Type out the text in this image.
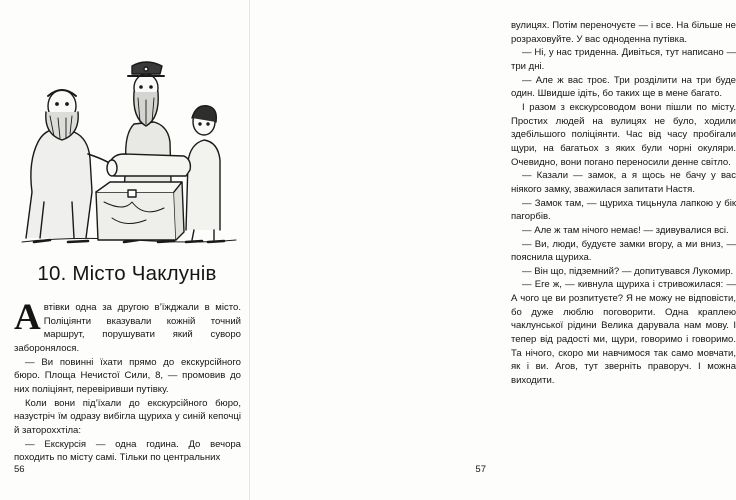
10. Місто Чаклунів

Автівки одна за другою в’їжджали в місто. Поліціянти вказували кожній точний маршрут, порушувати який суворо заборонялося.

— Ви повинні їхати прямо до екскурсійного бюро. Площа Нечистої Сили, 8, — промовив до них поліціянт, перевіривши путівку.

Коли вони під’їхали до екскурсійного бюро, назустріч їм одразу вибігла щуриха у синій кепочці й затороххтіла:

— Екскурсія — одна година. До вечора походить по місту самі. Тільки по центральних

56

вулицях. Потім переночуєте — і все. На більше не розраховуйте. У вас одноденна путівка.

— Ні, у нас триденна. Дивіться, тут написано — три дні.

— Але ж вас троє. Три розділити на три буде один. Швидше ідіть, бо таких ще в мене багато.

І разом з екскурсоводом вони пішли по місту. Простих людей на вулицях не було, ходили здебільшого поліціянти. Час від часу пробігали щури, на багатьох з яких були чорні окуляри. Очевидно, вони погано переносили денне світло.

— Казали — замок, а я щось не бачу у вас ніякого замку, зважилася запитати Настя.

— Замок там, — щуриха тицьнула лапкою у бік пагорбів.

— Але ж там нічого немає! — здивувалися всі.

— Ви, люди, будуєте замки вгору, а ми вниз, — пояснила щуриха.

— Він що, підземний? — допитувався Лукомир.

— Еге ж, — кивнула щуриха і стривожилася: — А чого це ви розпитуєте? Я не можу не відповісти, бо дуже люблю поговорити. Одна краплею чаклунської рідини Велика дарувала нам мову. І тепер від радості ми, щури, говоримо і говоримо. Та нічого, скоро ми навчимося так само мовчати, як і ви. Агов, тут зверніть праворуч. І можна виходити.

57
